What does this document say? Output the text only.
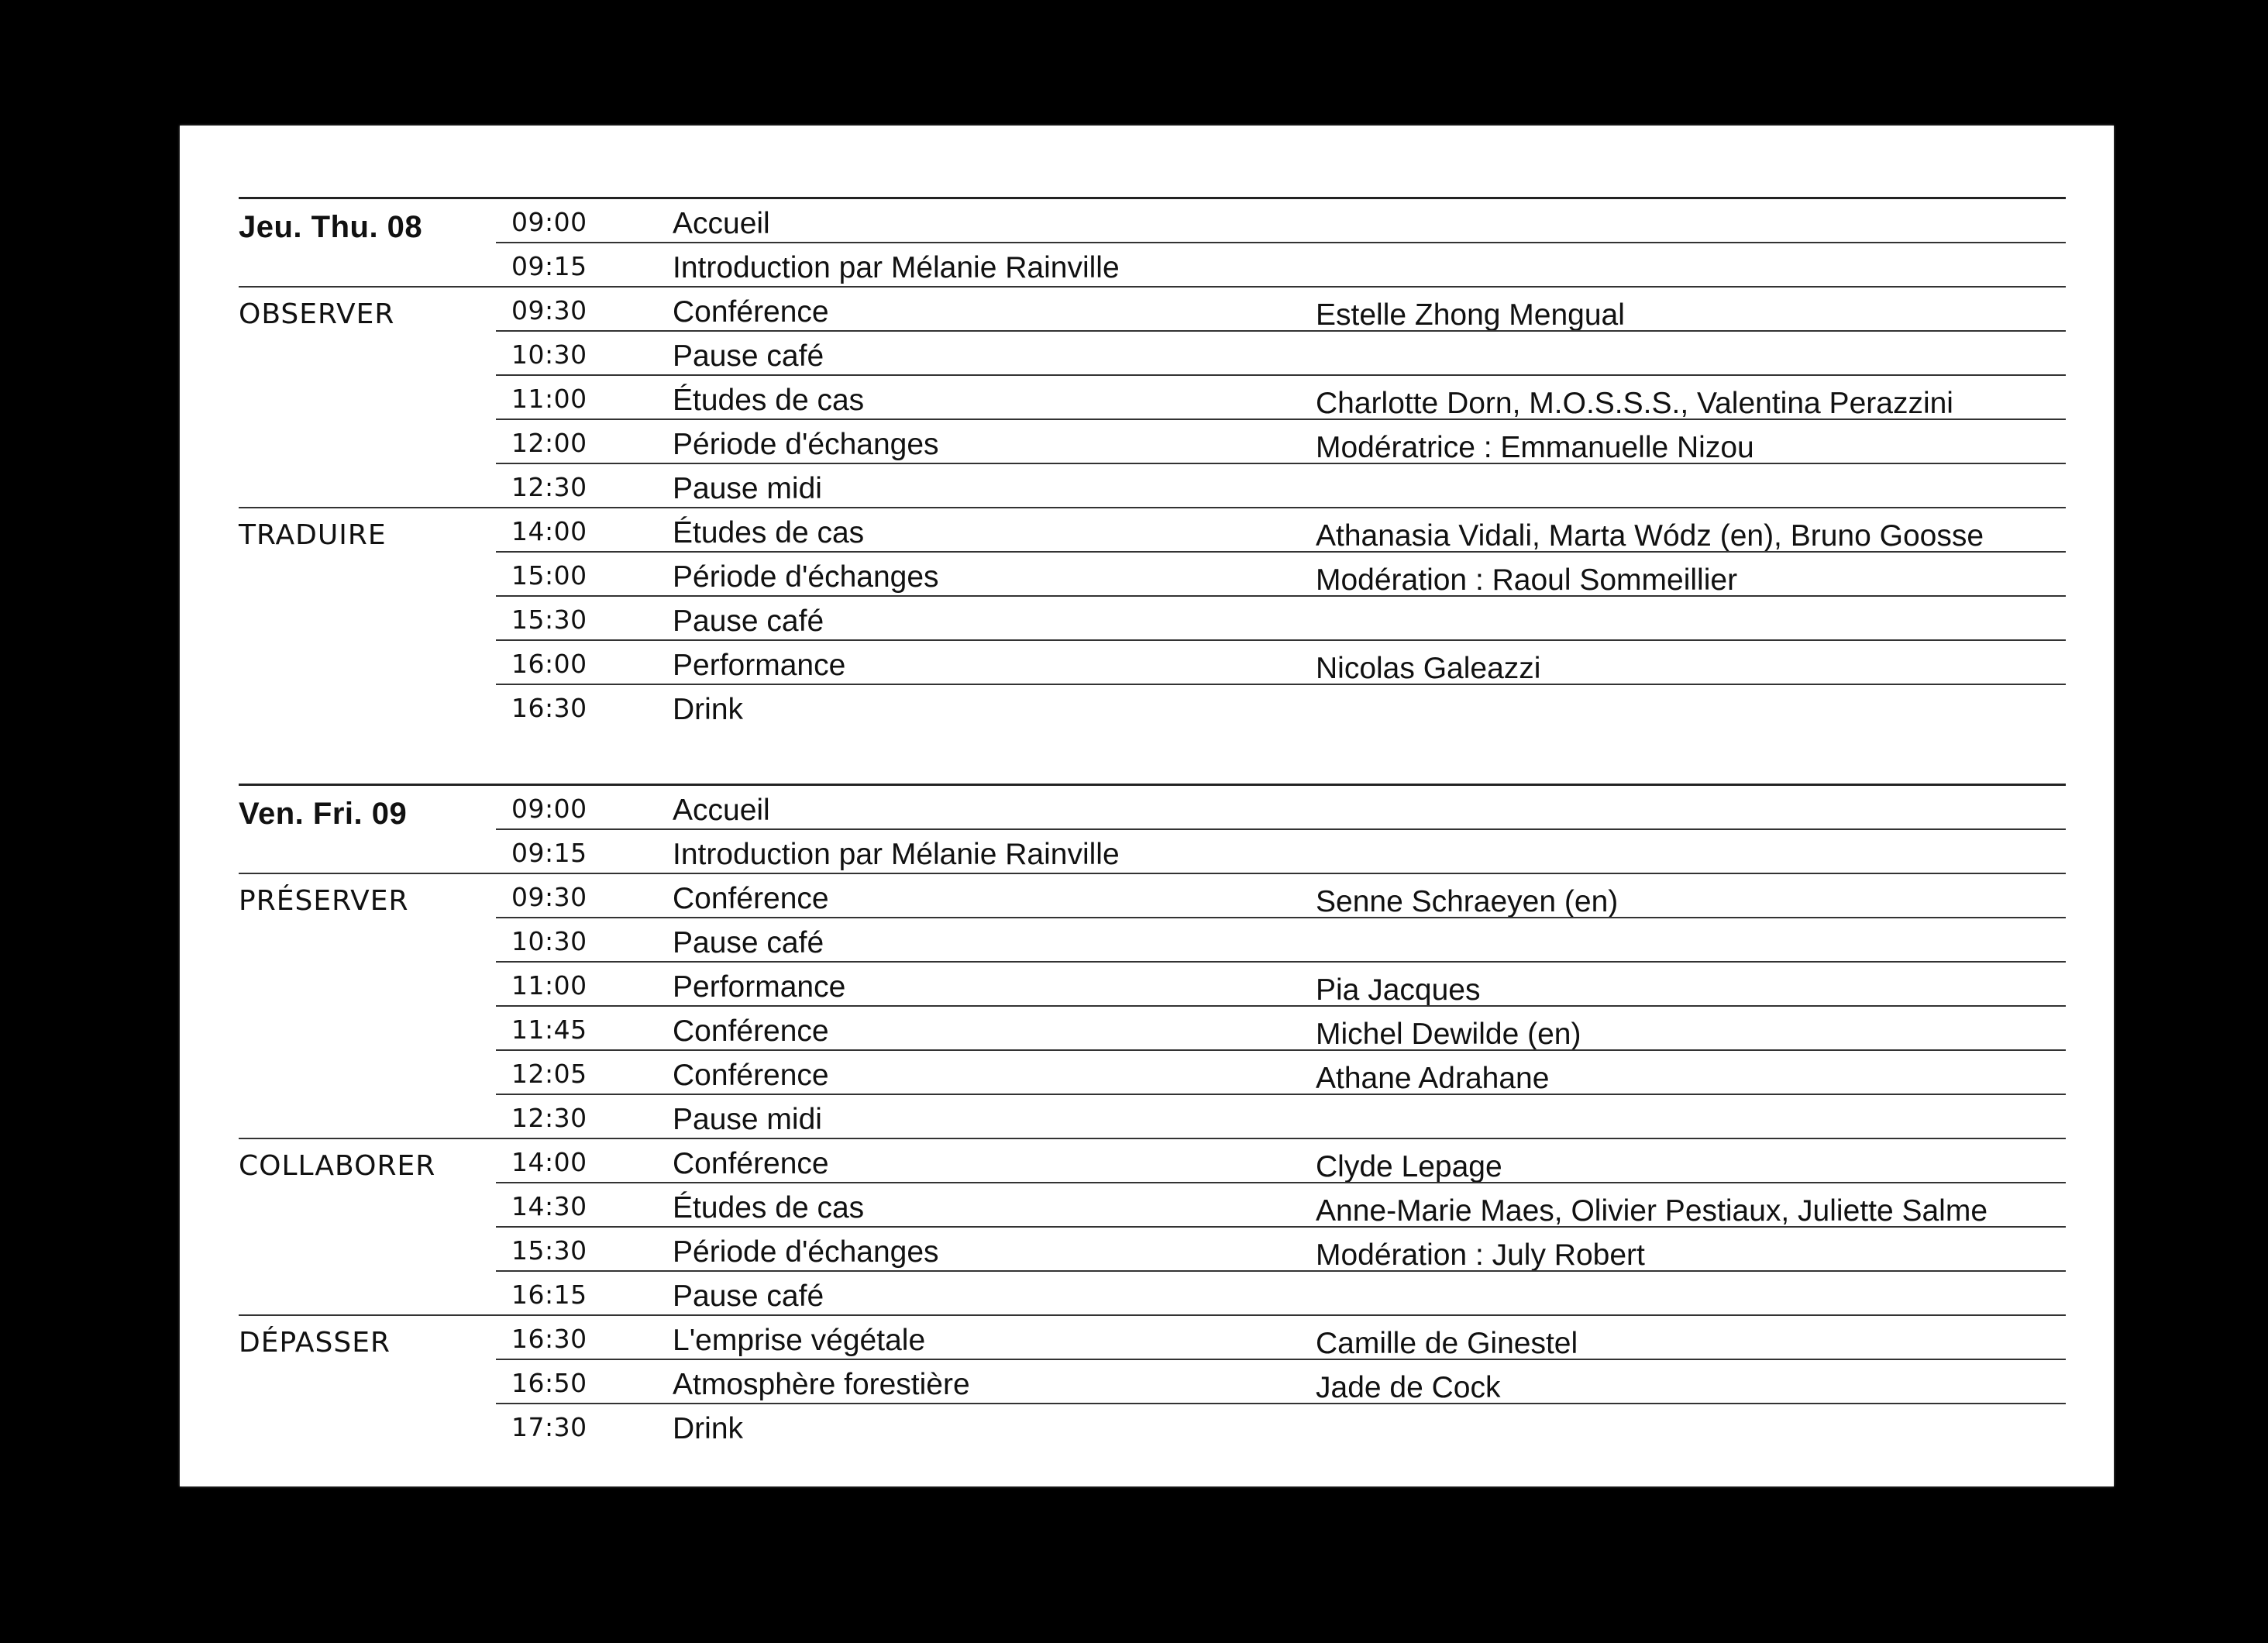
Jeu. Thu. 08	09:00	Accueil
09:15	Introduction par Mélanie Rainville
OBSERVER	09:30	Conférence	Estelle Zhong Mengual
10:30	Pause café
11:00	Études de cas	Charlotte Dorn, M.O.S.S.S., Valentina Perazzini
12:00	Période d'échanges	Modératrice : Emmanuelle Nizou
12:30	Pause midi
TRADUIRE	14:00	Études de cas	Athanasia Vidali, Marta Wódz (en), Bruno Goosse
15:00	Période d'échanges	Modération : Raoul Sommeillier
15:30	Pause café
16:00	Performance	Nicolas Galeazzi
16:30	Drink
Ven. Fri. 09	09:00	Accueil
09:15	Introduction par Mélanie Rainville
PRÉSERVER	09:30	Conférence	Senne Schraeyen (en)
10:30	Pause café
11:00	Performance	Pia Jacques
11:45	Conférence	Michel Dewilde (en)
12:05	Conférence	Athane Adrahane
12:30	Pause midi
COLLABORER	14:00	Conférence	Clyde Lepage
14:30	Études de cas	Anne-Marie Maes, Olivier Pestiaux, Juliette Salme
15:30	Période d'échanges	Modération : July Robert
16:15	Pause café
DÉPASSER	16:30	L'emprise végétale	Camille de Ginestel
16:50	Atmosphère forestière	Jade de Cock
17:30	Drink
